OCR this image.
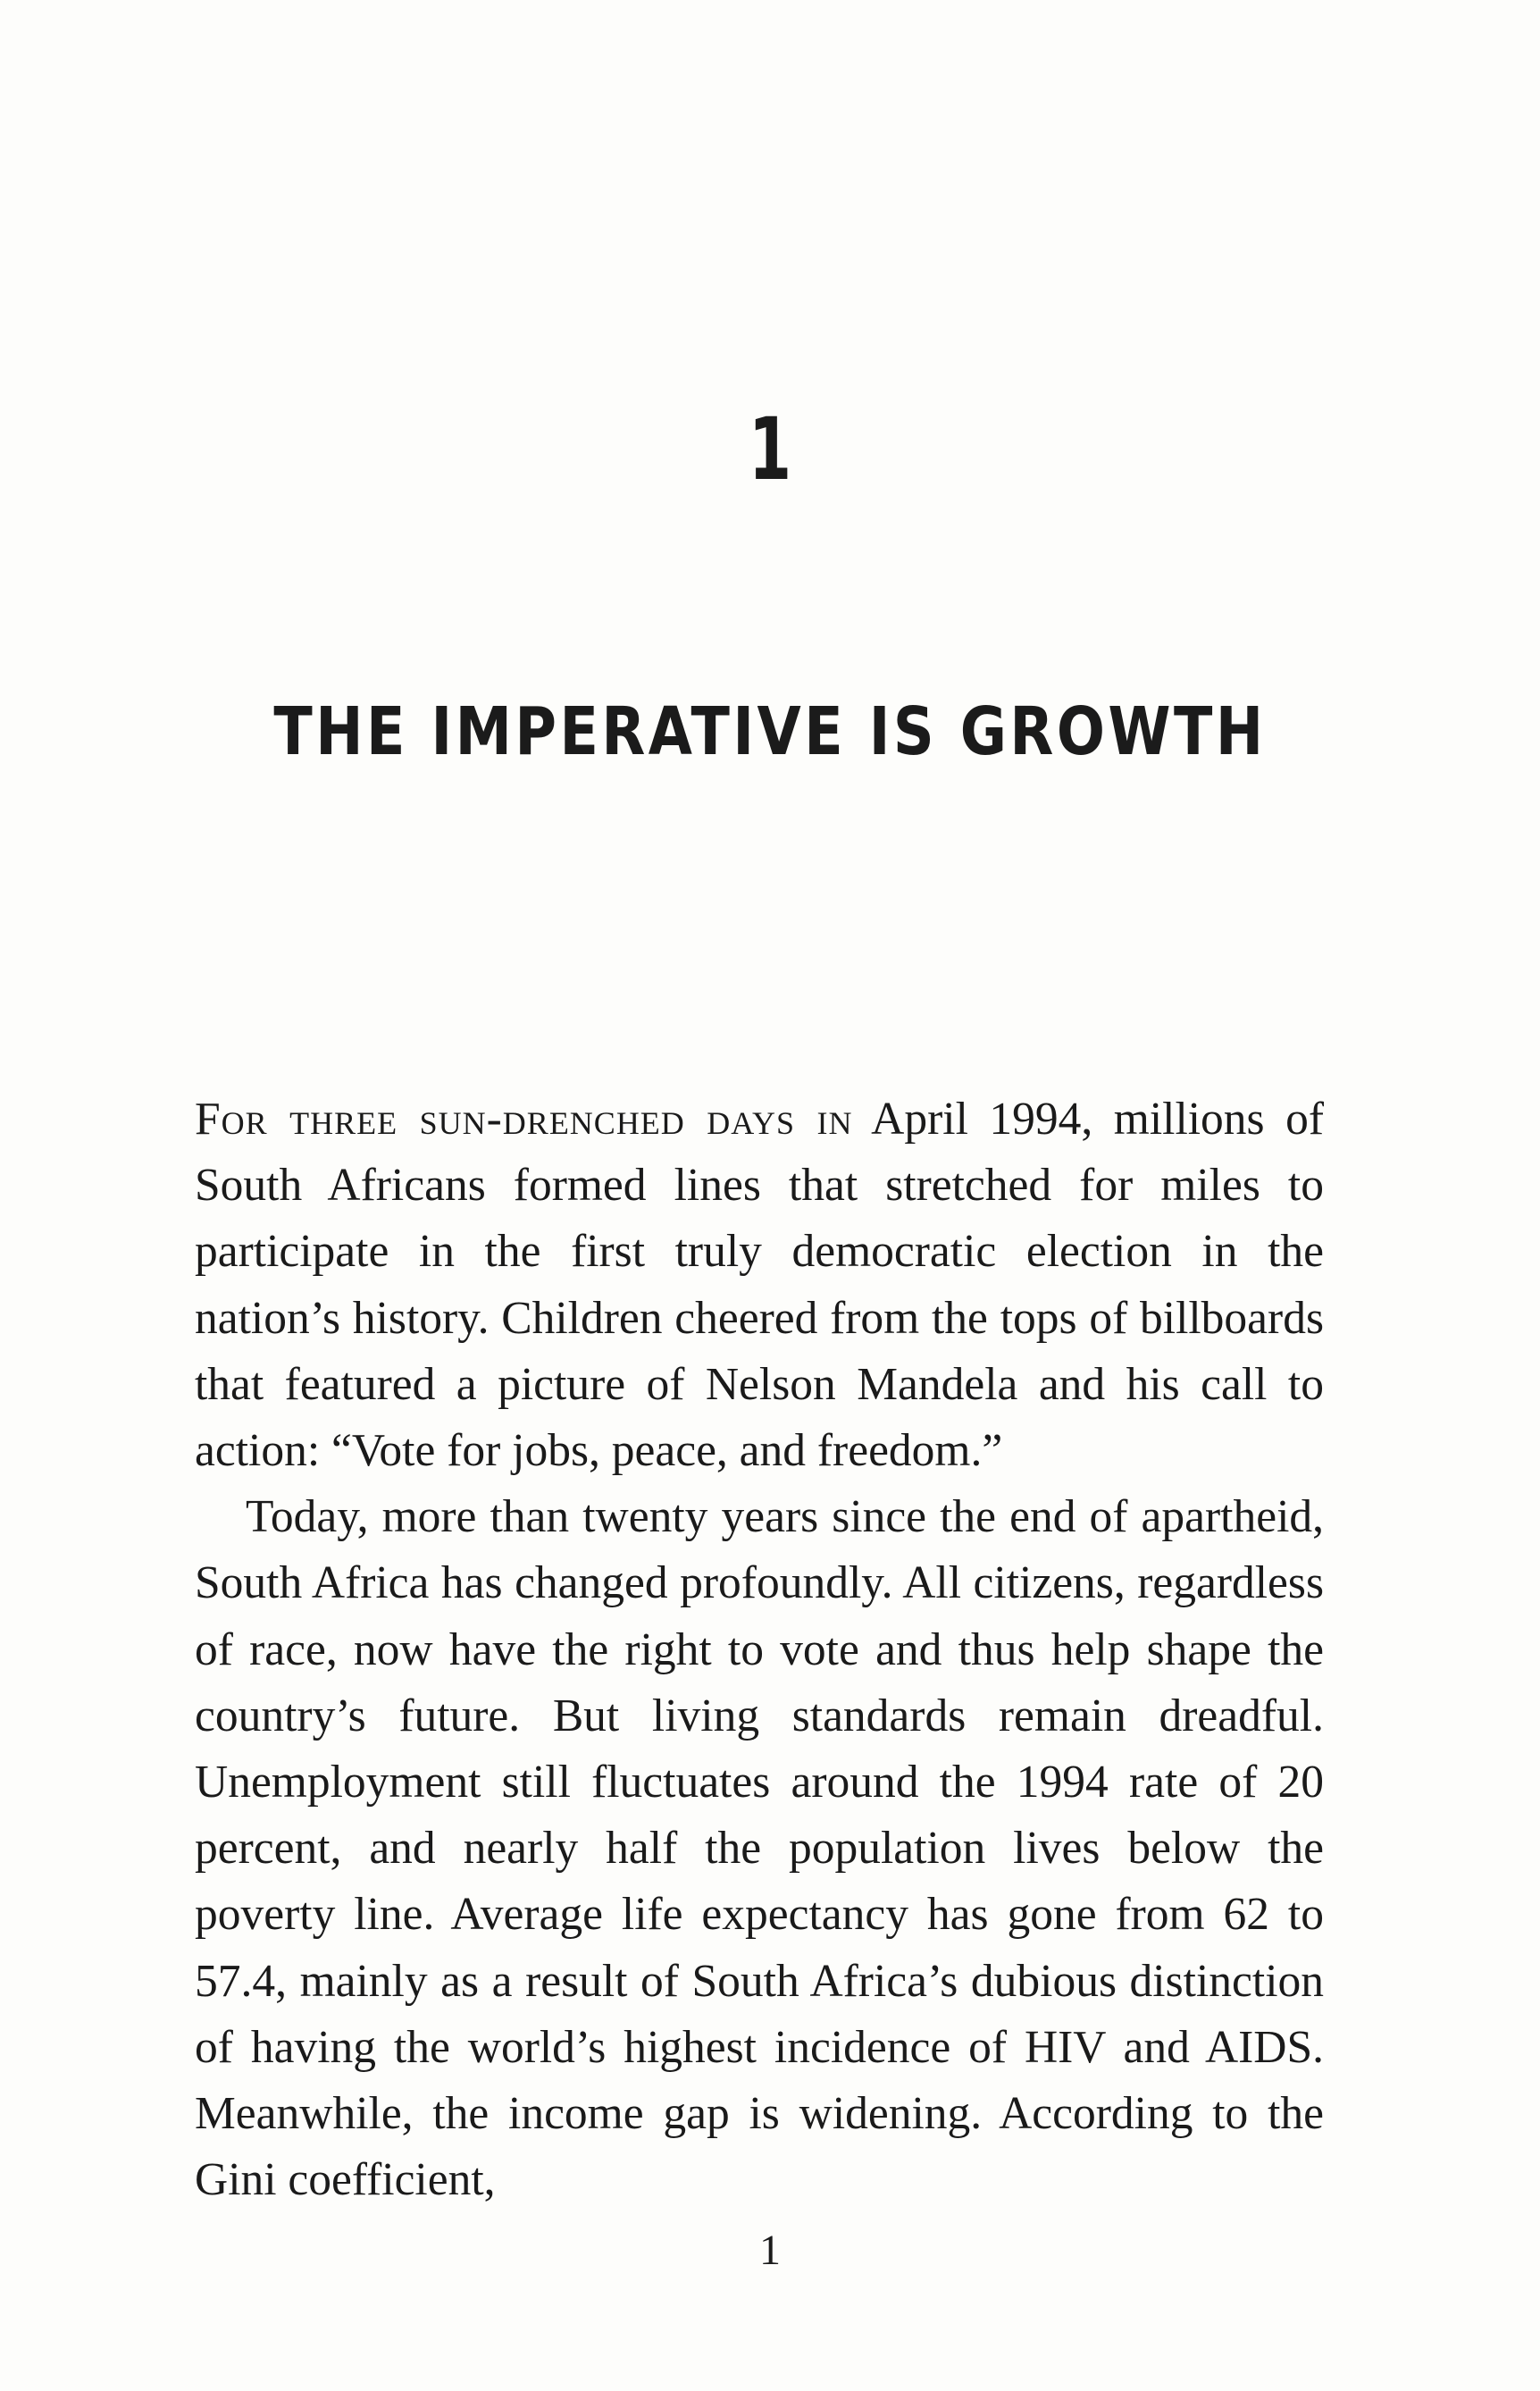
1
THE IMPERATIVE IS GROWTH

For three sun-drenched days in April 1994, millions of South Africans formed lines that stretched for miles to participate in the first truly democratic election in the nation’s history. Children cheered from the tops of billboards that featured a picture of Nelson Mandela and his call to action: “Vote for jobs, peace, and freedom.”

Today, more than twenty years since the end of apartheid, South Africa has changed profoundly. All citizens, regardless of race, now have the right to vote and thus help shape the country’s future. But living standards remain dreadful. Unemployment still fluctuates around the 1994 rate of 20 percent, and nearly half the population lives below the poverty line. Average life expectancy has gone from 62 to 57.4, mainly as a result of South Africa’s dubious distinction of having the world’s highest incidence of HIV and AIDS. Meanwhile, the income gap is widening. According to the Gini coefficient,

1
